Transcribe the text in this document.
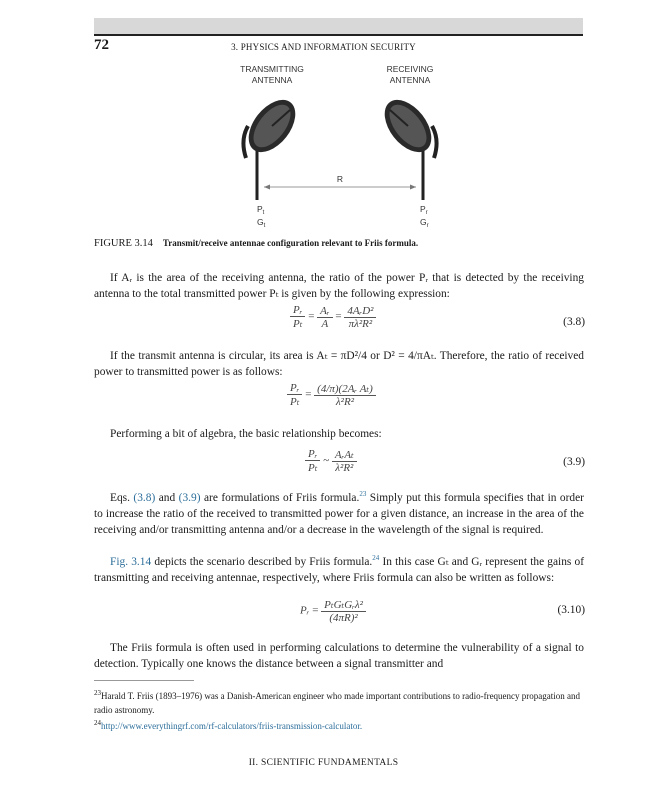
72	3. PHYSICS AND INFORMATION SECURITY
TRANSMITTING
ANTENNA
RECEIVING
ANTENNA
R
$P_t$
$G_t$
$P_r$
$G_r$
FIGURE 3.14 Transmit/receive antennae configuration relevant to Friis formula.
If Aᵣ is the area of the receiving antenna, the ratio of the power Pᵣ that is detected by the receiving antenna to the total transmitted power Pₜ is given by the following expression:
$\frac{\text{Pᵣ}}{\text{Pₜ}} = \frac{\text{Aᵣ}}{A} = \frac{\text{4AᵣD²}}{\text{πλ²R²}}$	(3.8)
If the transmit antenna is circular, its area is Aₜ = πD²/4 or D² = 4/πAₜ. Therefore, the ratio of received power to transmitted power is as follows:
$\frac{\text{Pᵣ}}{\text{Pₜ}} = \frac{\text{(4/π)(2Aᵣ Aₜ)}}{\text{λ²R²}}$
Performing a bit of algebra, the basic relationship becomes:
$\frac{\text{Pᵣ}}{\text{Pₜ}}$ ~ $\frac{\text{AᵣAₜ}}{\text{λ²R²}}$	(3.9)
Eqs. (3.8) and (3.9) are formulations of Friis formula.$^{23}$ Simply put this formula specifies that in order to increase the ratio of the received to transmitted power for a given distance, an increase in the area of the receiving and/or transmitting antenna and/or a decrease in the wavelength of the signal is required.
Fig. 3.14 depicts the scenario described by Friis formula.$^{24}$ In this case Gₜ and Gᵣ represent the gains of transmitting and receiving antennae, respectively, where Friis formula can also be written as follows:
Pᵣ = $\frac{\text{PₜGₜGᵣλ²}}{\text{(4πR)²}}$	(3.10)
The Friis formula is often used in performing calculations to determine the vulnerability of a signal to detection. Typically one knows the distance between a signal transmitter and
$^{23}$Harald T. Friis (1893–1976) was a Danish-American engineer who made important contributions to radio-frequency propagation and radio astronomy.
$^{24}$http://www.everythingrf.com/rf-calculators/friis-transmission-calculator.
II. SCIENTIFIC FUNDAMENTALS
